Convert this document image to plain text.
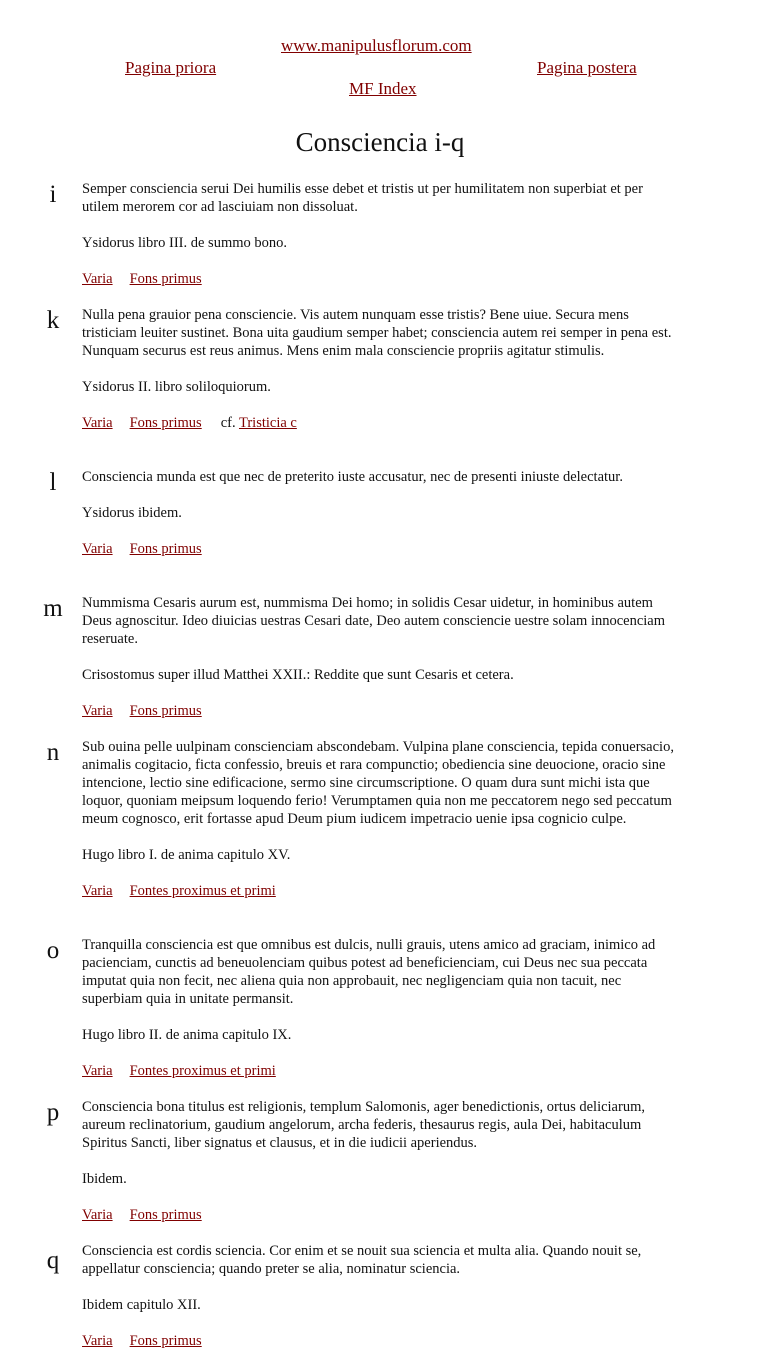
www.manipulusflorum.com
Pagina priora	Pagina postera
MF Index
Consciencia i-q
i	Semper consciencia serui Dei humilis esse debet et tristis ut per humilitatem non superbiat et per utilem merorem cor ad lasciuiam non dissoluat.

Ysidorus libro III. de summo bono.

Varia Fons primus
k	Nulla pena grauior pena consciencie. Vis autem nunquam esse tristis? Bene uiue. Secura mens tristiciam leuiter sustinet. Bona uita gaudium semper habet; consciencia autem rei semper in pena est. Nunquam securus est reus animus. Mens enim mala consciencie propriis agitatur stimulis.

Ysidorus II. libro soliloquiorum.

Varia Fons primus cf. Tristicia c
l	Consciencia munda est que nec de preterito iuste accusatur, nec de presenti iniuste delectatur.

Ysidorus ibidem.

Varia Fons primus
m Nummisma Cesaris aurum est, nummisma Dei homo; in solidis Cesar uidetur, in hominibus autem Deus agnoscitur. Ideo diuicias uestras Cesari date, Deo autem consciencie uestre solam innocenciam reseruate.

Crisostomus super illud Matthei XXII.: Reddite que sunt Cesaris et cetera.

Varia Fons primus
n	Sub ouina pelle uulpinam conscienciam abscondebam. Vulpina plane consciencia, tepida conuersacio, animalis cogitacio, ficta confessio, breuis et rara compunctio; obediencia sine deuocione, oracio sine intencione, lectio sine edificacione, sermo sine circumscriptione. O quam dura sunt michi ista que loquor, quoniam meipsum loquendo ferio! Verumptamen quia non me peccatorem nego sed peccatum meum cognosco, erit fortasse apud Deum pium iudicem impetracio uenie ipsa cognicio culpe.

Hugo libro I. de anima capitulo XV.

Varia Fontes proximus et primi
o	Tranquilla consciencia est que omnibus est dulcis, nulli grauis, utens amico ad graciam, inimico ad pacienciam, cunctis ad beneuolenciam quibus potest ad beneficienciam, cui Deus nec sua peccata imputat quia non fecit, nec aliena quia non approbauit, nec negligenciam quia non tacuit, nec superbiam quia in unitate permansit.

Hugo libro II. de anima capitulo IX.

Varia Fontes proximus et primi
p	Consciencia bona titulus est religionis, templum Salomonis, ager benedictionis, ortus deliciarum, aureum reclinatorium, gaudium angelorum, archa federis, thesaurus regis, aula Dei, habitaculum Spiritus Sancti, liber signatus et clausus, et in die iudicii aperiendus.

Ibidem.

Varia Fons primus
q	Consciencia est cordis sciencia. Cor enim et se nouit sua sciencia et multa alia. Quando nouit se, appellatur consciencia; quando preter se alia, nominatur sciencia.

Ibidem capitulo XII.

Varia Fons primus
